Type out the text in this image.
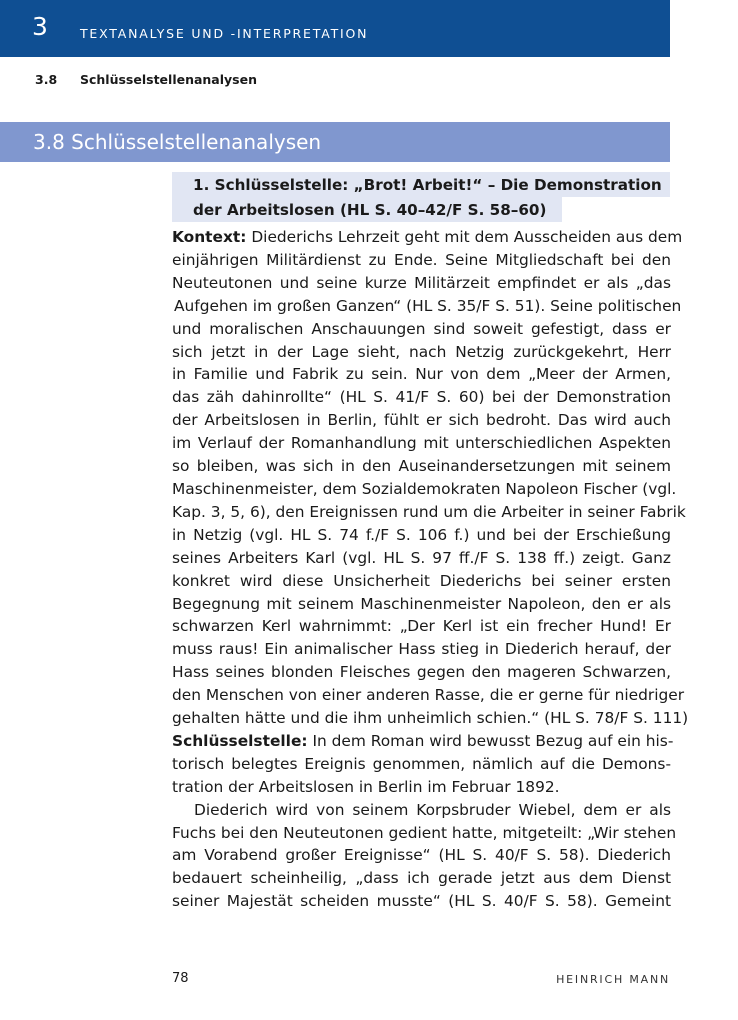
3	TEXTANALYSE UND -INTERPRETATION
3.8 Schlüsselstellenanalysen
3.8 Schlüsselstellenanalysen
1. Schlüsselstelle: „Brot! Arbeit!“ – Die Demonstration
der Arbeitslosen (HL S. 40–42/F S. 58–60)
Kontext: Diederichs Lehrzeit geht mit dem Ausscheiden aus dem
einjährigen Militärdienst zu Ende. Seine Mitgliedschaft bei den
Neuteutonen und seine kurze Militärzeit empfindet er als „das
Aufgehen im großen Ganzen“ (HL S. 35/F S. 51). Seine politischen
und moralischen Anschauungen sind soweit gefestigt, dass er
sich jetzt in der Lage sieht, nach Netzig zurückgekehrt, Herr
in Familie und Fabrik zu sein. Nur von dem „Meer der Armen,
das zäh dahinrollte“ (HL S. 41/F S. 60) bei der Demonstration
der Arbeitslosen in Berlin, fühlt er sich bedroht. Das wird auch
im Verlauf der Romanhandlung mit unterschiedlichen Aspekten
so bleiben, was sich in den Auseinandersetzungen mit seinem
Maschinenmeister, dem Sozialdemokraten Napoleon Fischer (vgl.
Kap. 3, 5, 6), den Ereignissen rund um die Arbeiter in seiner Fabrik
in Netzig (vgl. HL S. 74 f./F S. 106 f.) und bei der Erschießung
seines Arbeiters Karl (vgl. HL S. 97 ff./F S. 138 ff.) zeigt. Ganz
konkret wird diese Unsicherheit Diederichs bei seiner ersten
Begegnung mit seinem Maschinenmeister Napoleon, den er als
schwarzen Kerl wahrnimmt: „Der Kerl ist ein frecher Hund! Er
muss raus! Ein animalischer Hass stieg in Diederich herauf, der
Hass seines blonden Fleisches gegen den mageren Schwarzen,
den Menschen von einer anderen Rasse, die er gerne für niedriger
gehalten hätte und die ihm unheimlich schien.“ (HL S. 78/F S. 111)
Schlüsselstelle: In dem Roman wird bewusst Bezug auf ein his-
torisch belegtes Ereignis genommen, nämlich auf die Demons-
tration der Arbeitslosen in Berlin im Februar 1892.
Diederich wird von seinem Korpsbruder Wiebel, dem er als
Fuchs bei den Neuteutonen gedient hatte, mitgeteilt: „Wir stehen
am Vorabend großer Ereignisse“ (HL S. 40/F S. 58). Diederich
bedauert scheinheilig, „dass ich gerade jetzt aus dem Dienst
seiner Majestät scheiden musste“ (HL S. 40/F S. 58). Gemeint
78	HEINRICH MANN
